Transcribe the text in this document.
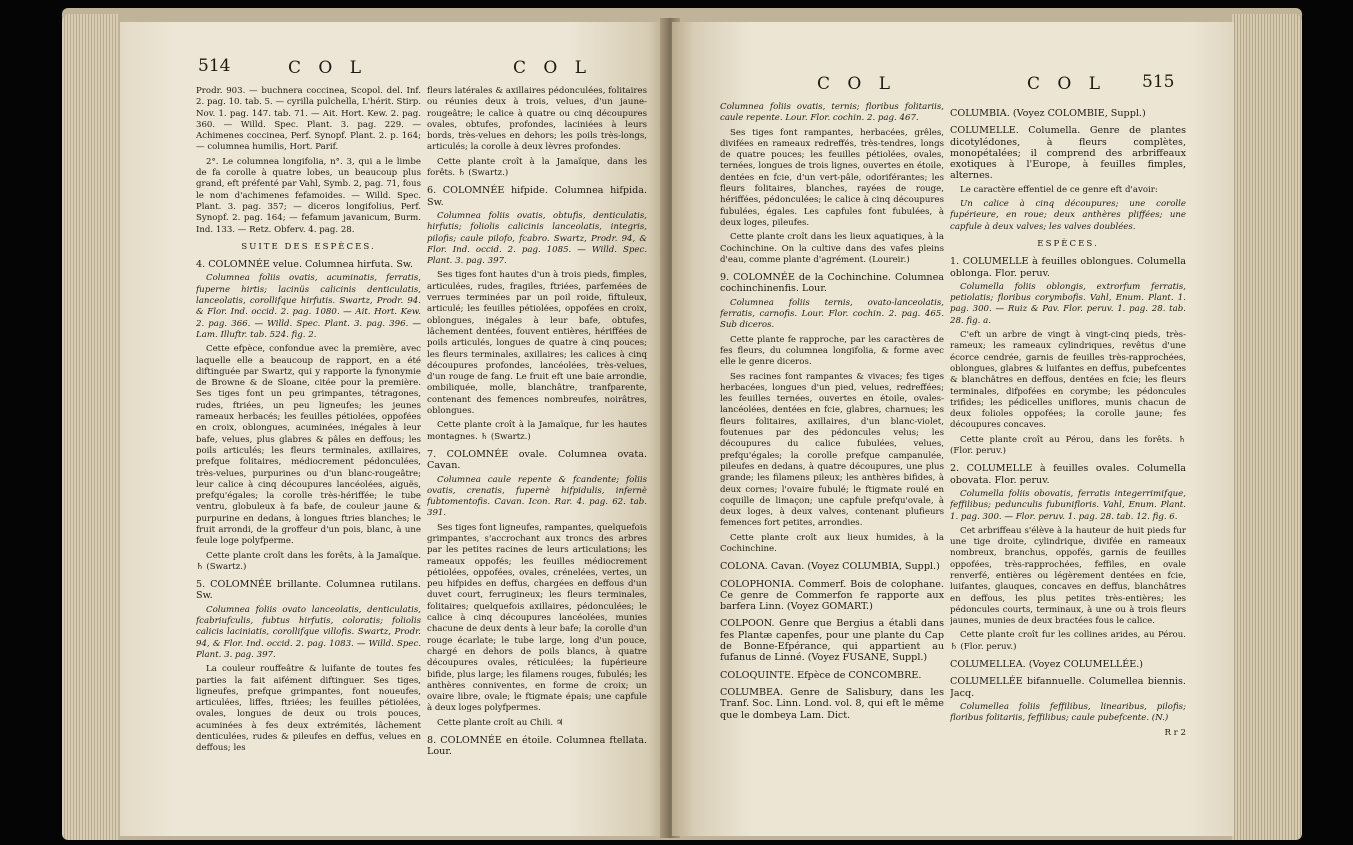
514	C O L	C O L

Prodr. 903. — buchnera coccinea, Scopol. del. Inf. 2. pag. 10. tab. 5. — cyrilla pulchella, L'hérit. Stirp. Nov. 1. pag. 147. tab. 71. — Ait. Hort. Kew. 2. pag. 360. — Willd. Spec. Plant. 3. pag. 229. — Achimenes coccinea, Perf. Synopf. Plant. 2. p. 164; — columnea humilis, Hort. Parif.

2°. Le columnea longifolia, n°. 3, qui a le limbe de fa corolle à quatre lobes, un beaucoup plus grand, eft préfenté par Vahl, Symb. 2, pag. 71, fous le nom d'achimenes fefamoides. — Willd. Spec. Plant. 3. pag. 357; — diceros longifolius, Perf. Synopf. 2. pag. 164; — fefamum javanicum, Burm. Ind. 133. — Retz. Obferv. 4. pag. 28.

SUITE DES ESPÈCES.

4. COLOMNÉE velue. Columnea hirfuta. Sw.

Columnea foliis ovatis, acuminatis, ferratis, fuperne hirtis; lacinüs calicinis denticulatis, lanceolatis, corollifque hirfutis. Swartz, Prodr. 94. & Flor. Ind. occid. 2. pag. 1080. — Ait. Hort. Kew. 2. pag. 366. — Willd. Spec. Plant. 3. pag. 396. — Lam. Illuftr. tab. 524. fig. 2.

Cette efpèce, confondue avec la première, avec laquelle elle a beaucoup de rapport, en a été diftinguée par Swartz, qui y rapporte la fynonymie de Browne & de Sloane, citée pour la première. Ses tiges font un peu grimpantes, tétragones, rudes, ftriées, un peu ligneufes; les jeunes rameaux herbacés; les feuilles pétiolées, oppofées en croix, oblongues, acuminées, inégales à leur bafe, velues, plus glabres & pâles en deffous; les poils articulés; les fleurs terminales, axillaires, prefque folitaires, médiocrement pédonculées, très-velues, purpurines ou d'un blanc-rougeâtre; leur calice à cinq découpures lancéolées, aiguës, prefqu'égales; la corolle très-hériffée; le tube ventru, globuleux à fa bafe, de couleur jaune & purpurine en dedans, à longues ftries blanches; le fruit arrondi, de la groffeur d'un pois, blanc, à une feule loge polyfperme.

Cette plante croît dans les forêts, à la Jamaïque. ♄ (Swartz.)

5. COLOMNÉE brillante. Columnea rutilans. Sw.

Columnea foliis ovato lanceolatis, denticulatis, fcabriufculis, fubtus hirfutis, coloratis; foliolis calicis laciniatis, corollifque villofis. Swartz, Prodr. 94, & Flor. Ind. occid. 2. pag. 1083. — Willd. Spec. Plant. 3. pag. 397.

La couleur rouffeâtre & luifante de toutes fes parties la fait aifément diftinguer. Ses tiges, ligneufes, prefque grimpantes, font noueufes, articulées, liffes, ftriées; les feuilles pétiolées, ovales, longues de deux ou trois pouces, acuminées à fes deux extrémités, lâchement denticulées, rudes & pileufes en deffus, velues en deffous; les

fleurs latérales & axillaires pédonculées, folitaires ou réunies deux à trois, velues, d'un jaune-rougeâtre; le calice à quatre ou cinq découpures ovales, obtufes, profondes, laciniées à leurs bords, très-velues en dehors; les poils très-longs, articulés; la corolle à deux lèvres profondes.

Cette plante croît à la Jamaïque, dans les forêts. ♄ (Swartz.)

6. COLOMNÉE hifpide. Columnea hifpida. Sw.

Columnea foliis ovatis, obtufis, denticulatis, hirfutis; foliolis calicinis lanceolatis, integris, pilofis; caule pilofo, fcabro. Swartz, Prodr. 94, & Flor. Ind. occid. 2. pag. 1085. — Willd. Spec. Plant. 3. pag. 397.

Ses tiges font hautes d'un à trois pieds, fimples, articulées, rudes, fragiles, ftriées, parfemées de verrues terminées par un poil roide, fiftuleux, articulé; les feuilles pétiolées, oppofées en croix, oblongues, inégales à leur bafe, obtufes, lâchement dentées, fouvent entières, hériffées de poils articulés, longues de quatre à cinq pouces; les fleurs terminales, axillaires; les calices à cinq découpures profondes, lancéolées, très-velues, d'un rouge de fang. Le fruit eft une baie arrondie, ombiliquée, molle, blanchâtre, tranfparente, contenant des femences nombreufes, noirâtres, oblongues.

Cette plante croît à la Jamaïque, fur les hautes montagnes. ♄ (Swartz.)

7. COLOMNÉE ovale. Columnea ovata. Cavan.

Columnea caule repente & fcandente; foliis ovatis, crenatis, fupernè hifpidulis, infernè fubtomentofis. Cavan. Icon. Rar. 4. pag. 62. tab. 391.

Ses tiges font ligneufes, rampantes, quelquefois grimpantes, s'accrochant aux troncs des arbres par les petites racines de leurs articulations; les rameaux oppofés; les feuilles médiocrement pétiolées, oppofées, ovales, crénelées, vertes, un peu hifpides en deffus, chargées en deffous d'un duvet court, ferrugineux; les fleurs terminales, folitaires; quelquefois axillaires, pédonculées; le calice à cinq découpures lancéolées, munies chacune de deux dents à leur bafe; la corolle d'un rouge écarlate; le tube large, long d'un pouce, chargé en dehors de poils blancs, à quatre découpures ovales, réticulées; la fupérieure bifide, plus large; les filamens rouges, fubulés; les anthères conniventes, en forme de croix; un ovaire libre, ovale; le ftigmate épais; une capfule à deux loges polyfpermes.

Cette plante croît au Chili. ♃

8. COLOMNÉE en étoile. Columnea ftellata. Lour.

C O L	C O L 515

Columnea foliis ovatis, ternis; floribus folitariis, caule repente. Lour. Flor. cochin. 2. pag. 467.

Ses tiges font rampantes, herbacées, grêles, divifées en rameaux redreffés, très-tendres, longs de quatre pouces; les feuilles pétiolées, ovales, ternées, longues de trois lignes, ouvertes en étoile, dentées en fcie, d'un vert-pâle, odoriférantes; les fleurs folitaires, blanches, rayées de rouge, hériffées, pédonculées; le calice à cinq découpures fubulées, égales. Les capfules font fubulées, à deux loges, pileufes.

Cette plante croît dans les lieux aquatiques, à la Cochinchine. On la cultive dans des vafes pleins d'eau, comme plante d'agrément. (Loureir.)

9. COLOMNÉE de la Cochinchine. Columnea cochinchinenfis. Lour.

Columnea foliis ternis, ovato-lanceolatis, ferratis, carnofis. Lour. Flor. cochin. 2. pag. 465. Sub diceros.

Cette plante fe rapproche, par les caractères de fes fleurs, du columnea longifolia, & forme avec elle le genre diceros.

Ses racines font rampantes & vivaces; fes tiges herbacées, longues d'un pied, velues, redreffées; les feuilles ternées, ouvertes en étoile, ovales-lancéolées, dentées en fcie, glabres, charnues; les fleurs folitaires, axillaires, d'un blanc-violet, foutenues par des pédoncules velus; les découpures du calice fubulées, velues, prefqu'égales; la corolle prefque campanulée, pileufes en dedans, à quatre découpures, une plus grande; les filamens pileux; les anthères bifides, à deux cornes; l'ovaire fubulé; le ftigmate roulé en coquille de limaçon; une capfule prefqu'ovale, à deux loges, à deux valves, contenant plufieurs femences fort petites, arrondies.

Cette plante croît aux lieux humides, à la Cochinchine.

COLONA. Cavan. (Voyez COLUMBIA, Suppl.)

COLOPHONIA. Commerf. Bois de colophane. Ce genre de Commerfon fe rapporte aux barfera Linn. (Voyez GOMART.)

COLPOON. Genre que Bergius a établi dans fes Plantæ capenfes, pour une plante du Cap de Bonne-Efpérance, qui appartient au fufanus de Linné. (Voyez FUSANE, Suppl.)

COLOQUINTE. Efpèce de CONCOMBRE.

COLUMBEA. Genre de Salisbury, dans les Tranf. Soc. Linn. Lond. vol. 8, qui eft le même que le dombeya Lam. Dict.

COLUMBIA. (Voyez COLOMBIE, Suppl.)

COLUMELLE. Columella. Genre de plantes dicotylédones, à fleurs complètes, monopétalées; il comprend des arbriffeaux exotiques à l'Europe, à feuilles fimples, alternes.

Le caractère effentiel de ce genre eft d'avoir:

Un calice à cinq découpures; une corolle fupérieure, en roue; deux anthères pliffées; une capfule à deux valves; les valves doublées.

ESPÈCES.

1. COLUMELLE à feuilles oblongues. Columella oblonga. Flor. peruv.

Columella foliis oblongis, extrorfum ferratis, petiolatis; floribus corymbofis. Vahl, Enum. Plant. 1. pag. 300. — Ruiz & Pav. Flor. peruv. 1. pag. 28. tab. 28. fig. a.

C'eft un arbre de vingt à vingt-cinq pieds, très-rameux; les rameaux cylindriques, revêtus d'une écorce cendrée, garnis de feuilles très-rapprochées, oblongues, glabres & luifantes en deffus, pubefcentes & blanchâtres en deffous, dentées en fcie; les fleurs terminales, difpofées en corymbe; les pédoncules trifides; les pédicelles uniflores, munis chacun de deux folioles oppofées; la corolle jaune; fes découpures concaves.

Cette plante croît au Pérou, dans les forêts. ♄ (Flor. peruv.)

2. COLUMELLE à feuilles ovales. Columella obovata. Flor. peruv.

Columella foliis obovatis, ferratis integerrimifque, feffilibus; pedunculis fubunifloris. Vahl, Enum. Plant. 1. pag. 300. — Flor. peruv. 1. pag. 28. tab. 12. fig. 6.

Cet arbriffeau s'élève à la hauteur de huit pieds fur une tige droite, cylindrique, divifée en rameaux nombreux, branchus, oppofés, garnis de feuilles oppofées, très-rapprochées, feffiles, en ovale renverfé, entières ou légèrement dentées en fcie, luifantes, glauques, concaves en deffus, blanchâtres en deffous, les plus petites très-entières; les pédoncules courts, terminaux, à une ou à trois fleurs jaunes, munies de deux bractées fous le calice.

Cette plante croît fur les collines arides, au Pérou. ♄ (Flor. peruv.)

COLUMELLEA. (Voyez COLUMELLÉE.)

COLUMELLÉE bifannuelle. Columellea biennis. Jacq.

Columellea foliis feffilibus, linearibus, pilofis; floribus folitariis, feffilibus; caule pubefcente. (N.)

R r 2
